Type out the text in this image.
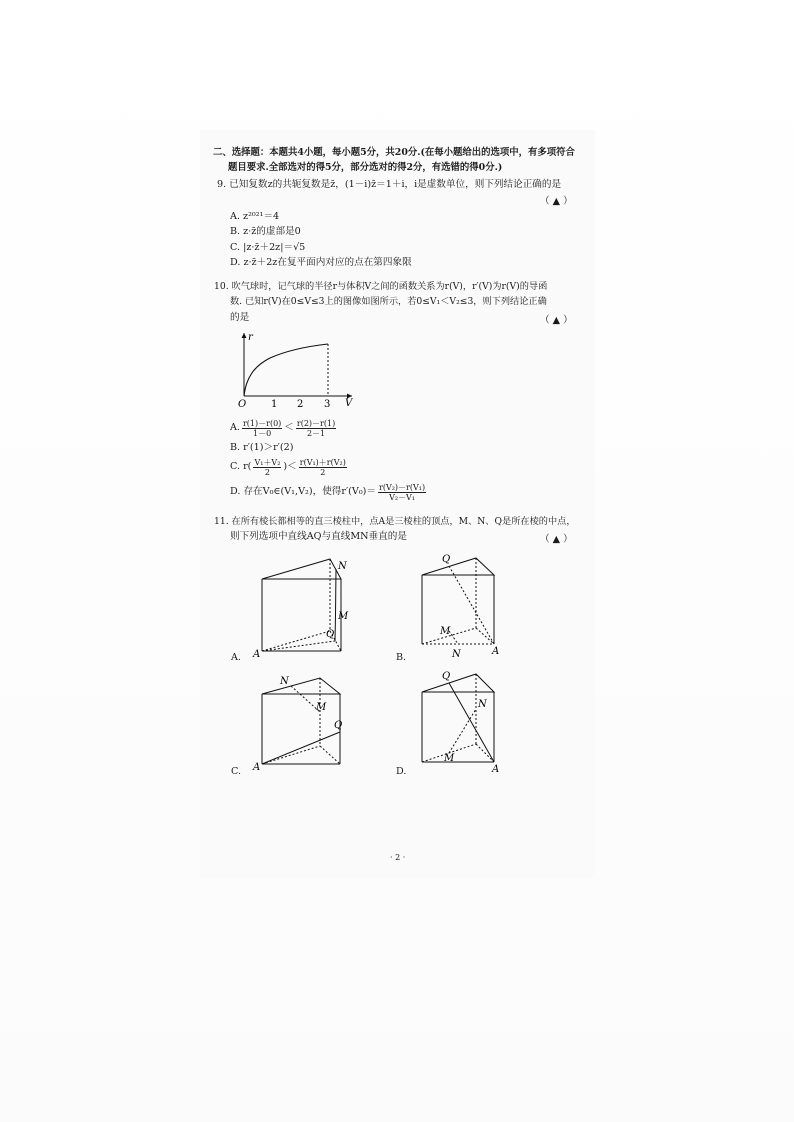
二、选择题：本题共4小题，每小题5分，共20分.(在每小题给出的选项中，有多项符合
题目要求.全部选对的得5分，部分选对的得2分，有选错的得0分.)
9. 已知复数z的共轭复数是z̄，(1－i)z̄＝1＋i，i是虚数单位，则下列结论正确的是
（ ▲ ）
A. z²⁰²¹＝4
B. z·z̄的虚部是0
C. |z·z̄＋2z|＝√5
D. z·z̄＋2z在复平面内对应的点在第四象限
10. 吹气球时，记气球的半径r与体积V之间的函数关系为r(V)，r′(V)为r(V)的导函
数. 已知r(V)在0≤V≤3上的图像如图所示，若0≤V₁＜V₂≤3，则下列结论正确
的是	（ ▲ ）
r
V
O 1 2 3
A. $\frac{r(1)-r(0)}{1-0} < \frac{r(2)-r(1)}{2-1}$
B. r′(1)＞r′(2)
C. $r( \frac{\text{V₁＋V₂}}{2}$ )＜ $\frac{\text{r(V₁)＋r(V₂)}}{2}$
D. 存在V₀∈(V₁,V₂)，使得$r'(V_0)= \frac{\text{r(V₂)－r(V₁)}}{\text{V₂－V₁}}$
11. 在所有棱长都相等的直三棱柱中，点A是三棱柱的顶点，M、N、Q是所在棱的中点，
则下列选项中直线AQ与直线MN垂直的是	（ ▲ ）
N
M
Q
A
A.
Q
M
N	A
B.
N
M
Q
A
C.
Q
N
M
A
D.
· 2 ·
